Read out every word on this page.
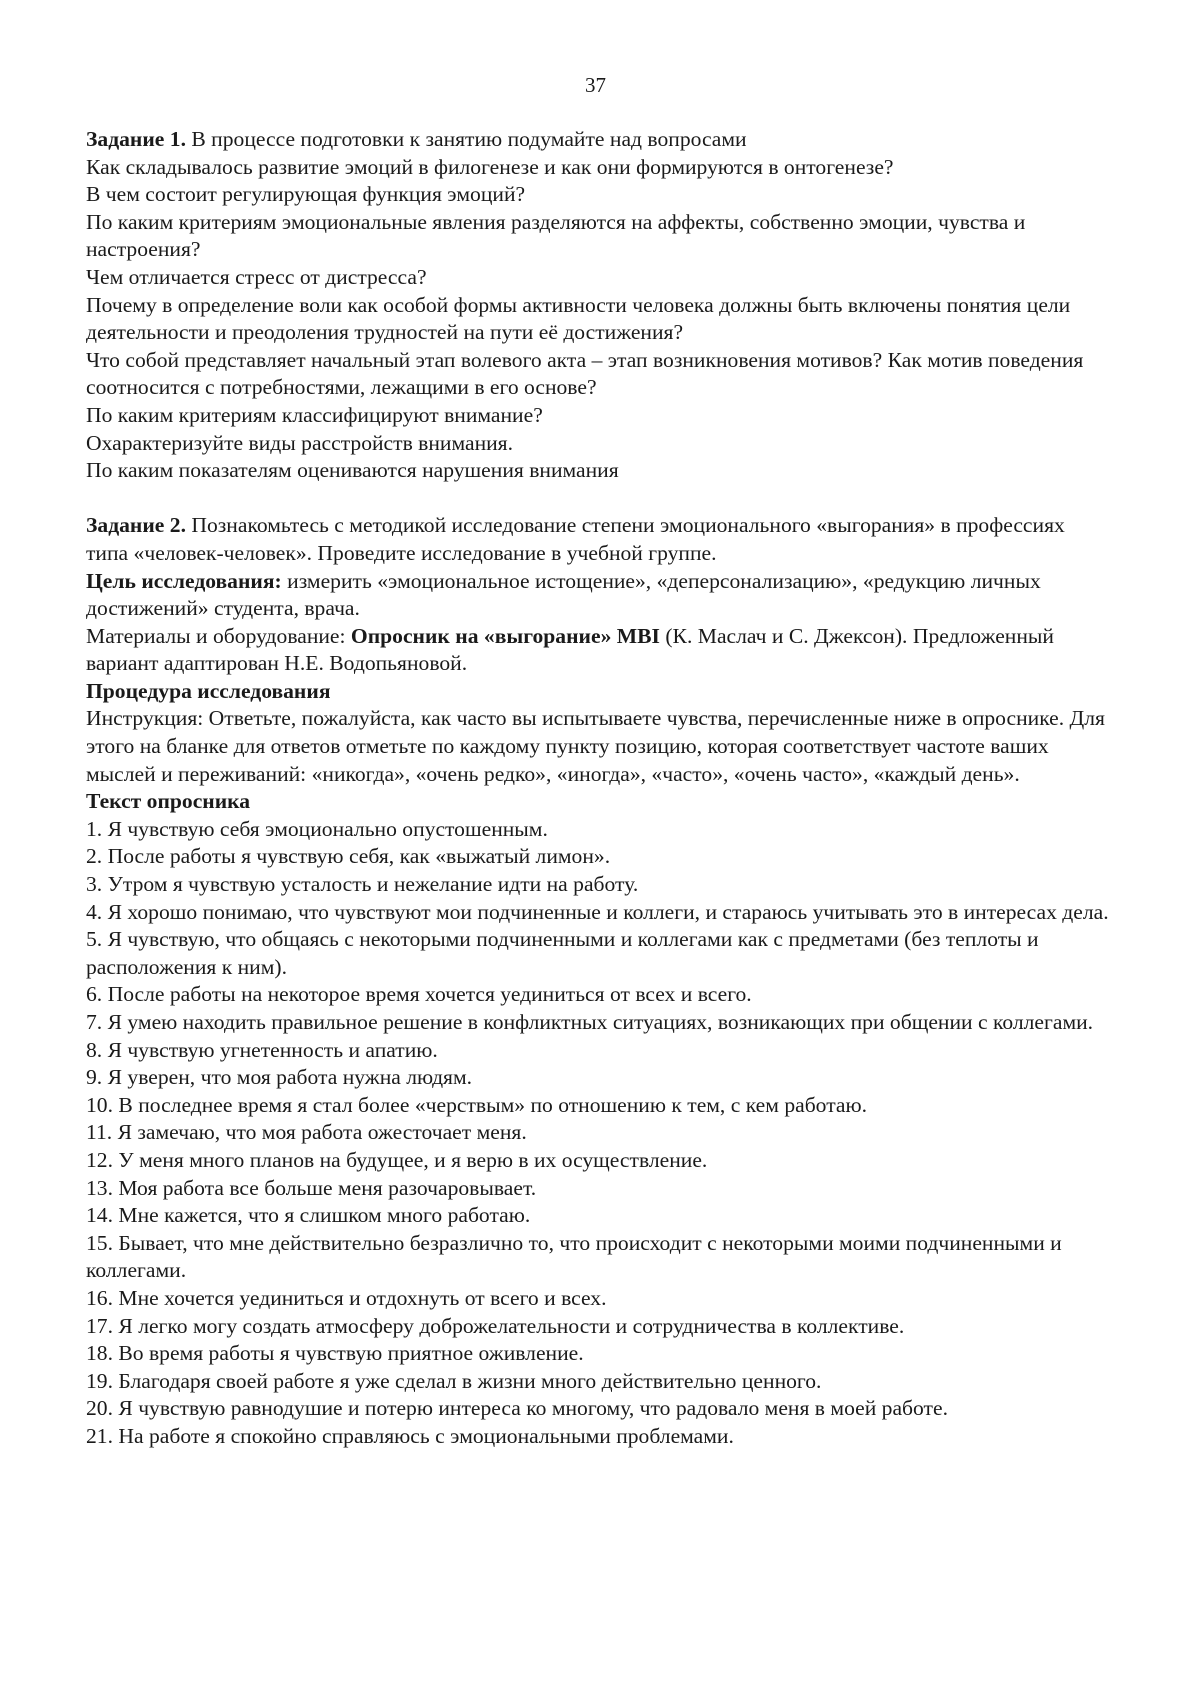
37

Задание 1. В процессе подготовки к занятию подумайте над вопросами

Как складывалось развитие эмоций в филогенезе и как они формируются в онтогенезе?

В чем состоит регулирующая функция эмоций?

По каким критериям эмоциональные явления разделяются на аффекты, собственно эмоции, чувства и настроения?

Чем отличается стресс от дистресса?

Почему в определение воли как особой формы активности человека должны быть включены понятия цели деятельности и преодоления трудностей на пути её достижения?

Что собой представляет начальный этап волевого акта – этап возникновения мотивов? Как мотив поведения соотносится с потребностями, лежащими в его основе?

По каким критериям классифицируют внимание?

Охарактеризуйте виды расстройств внимания.

По каким показателям оцениваются нарушения внимания

Задание 2. Познакомьтесь с методикой исследование степени эмоционального «выгорания» в профессиях типа «человек-человек». Проведите исследование в учебной группе.

Цель исследования: измерить «эмоциональное истощение», «деперсонализацию», «редукцию личных достижений» студента, врача.

Материалы и оборудование: Опросник на «выгорание» MBI (К. Маслач и С. Джексон). Предложенный вариант адаптирован Н.Е. Водопьяновой.

Процедура исследования

Инструкция: Ответьте, пожалуйста, как часто вы испытываете чувства, перечисленные ниже в опроснике. Для этого на бланке для ответов отметьте по каждому пункту позицию, которая соответствует частоте ваших мыслей и переживаний: «никогда», «очень редко», «иногда», «часто», «очень часто», «каждый день».

Текст опросника

1. Я чувствую себя эмоционально опустошенным.

2. После работы я чувствую себя, как «выжатый лимон».

3. Утром я чувствую усталость и нежелание идти на работу.

4. Я хорошо понимаю, что чувствуют мои подчиненные и коллеги, и стараюсь учитывать это в интересах дела.

5. Я чувствую, что общаясь с некоторыми подчиненными и коллегами как с предметами (без теплоты и расположения к ним).

6. После работы на некоторое время хочется уединиться от всех и всего.

7. Я умею находить правильное решение в конфликтных ситуациях, возникающих при общении с коллегами.

8. Я чувствую угнетенность и апатию.

9. Я уверен, что моя работа нужна людям.

10. В последнее время я стал более «черствым» по отношению к тем, с кем работаю.

11. Я замечаю, что моя работа ожесточает меня.

12. У меня много планов на будущее, и я верю в их осуществление.

13. Моя работа все больше меня разочаровывает.

14. Мне кажется, что я слишком много работаю.

15. Бывает, что мне действительно безразлично то, что происходит с некоторыми моими подчиненными и коллегами.

16. Мне хочется уединиться и отдохнуть от всего и всех.

17. Я легко могу создать атмосферу доброжелательности и сотрудничества в коллективе.

18. Во время работы я чувствую приятное оживление.

19. Благодаря своей работе я уже сделал в жизни много действительно ценного.

20. Я чувствую равнодушие и потерю интереса ко многому, что радовало меня в моей работе.

21. На работе я спокойно справляюсь с эмоциональными проблемами.
